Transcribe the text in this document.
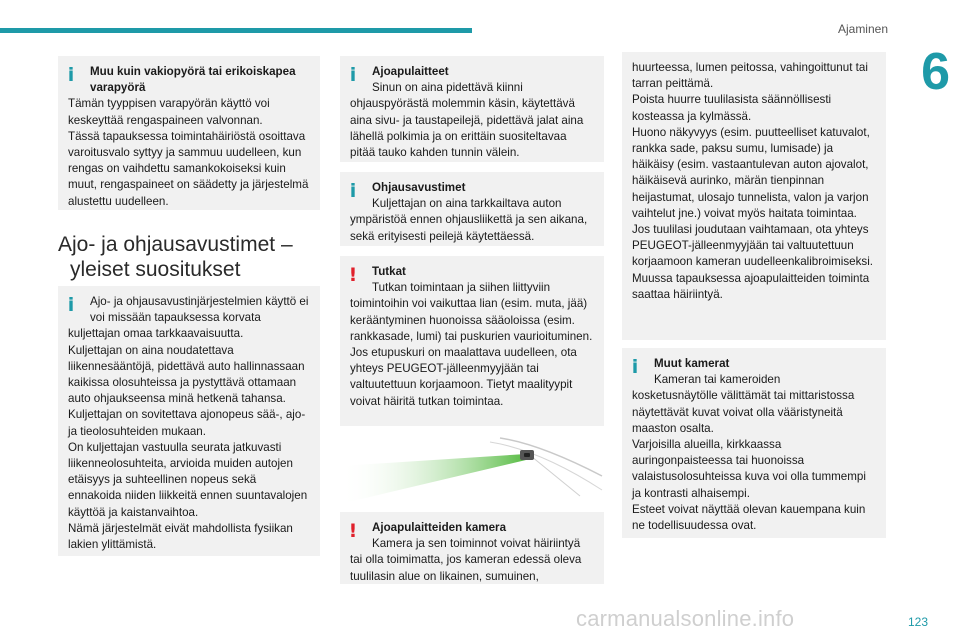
Ajaminen
6
i	Muu kuin vakiopyörä tai erikoiskapea varapyörä
Tämän tyyppisen varapyörän käyttö voi keskeyttää rengaspaineen valvonnan.
Tässä tapauksessa toimintahäiriöstä osoittava varoitusvalo syttyy ja sammuu uudelleen, kun rengas on vaihdettu samankokoiseksi kuin muut, rengaspaineet on säädetty ja järjestelmä alustettu uudelleen.
Ajo- ja ohjausavustimet –
yleiset suositukset
i	Ajo- ja ohjausavustinjärjestelmien käyttö ei voi missään tapauksessa korvata
kuljettajan omaa tarkkaavaisuutta.
Kuljettajan on aina noudatettava liikennesääntöjä, pidettävä auto hallinnassaan kaikissa olosuhteissa ja pystyttävä ottamaan auto ohjaukseensa minä hetkenä tahansa.
Kuljettajan on sovitettava ajonopeus sää-, ajo- ja tieolosuhteiden mukaan.
On kuljettajan vastuulla seurata jatkuvasti liikenneolosuhteita, arvioida muiden autojen etäisyys ja suhteellinen nopeus sekä ennakoida niiden liikkeitä ennen suuntavalojen käyttöä ja kaistanvaihtoa.
Nämä järjestelmät eivät mahdollista fysiikan lakien ylittämistä.
i	Ajoapulaitteet
Sinun on aina pidettävä kiinni
ohjauspyörästä molemmin käsin, käytettävä aina sivu- ja taustapeilejä, pidettävä jalat aina lähellä polkimia ja on erittäin suositeltavaa pitää tauko kahden tunnin välein.
i	Ohjausavustimet
Kuljettajan on aina tarkkailtava auton
ympäristöä ennen ohjausliikettä ja sen aikana, sekä erityisesti peilejä käytettäessä.
! Tutkat
Tutkan toimintaan ja siihen liittyviin
toimintoihin voi vaikuttaa lian (esim. muta, jää) kerääntyminen huonoissa sääoloissa (esim. rankkasade, lumi) tai puskurien vaurioituminen.
Jos etupuskuri on maalattava uudelleen, ota yhteys PEUGEOT-jälleenmyyjään tai valtuutettuun korjaamoon. Tietyt maalityypit voivat häiritä tutkan toimintaa.
! Ajoapulaitteiden kamera
Kamera ja sen toiminnot voivat häiriintyä
tai olla toimimatta, jos kameran edessä oleva tuulilasin alue on likainen, sumuinen,
huurteessa, lumen peitossa, vahingoittunut tai tarran peittämä.
Poista huurre tuulilasista säännöllisesti kosteassa ja kylmässä.
Huono näkyvyys (esim. puutteelliset katuvalot, rankka sade, paksu sumu, lumisade) ja häikäisy (esim. vastaantulevan auton ajovalot, häikäisevä aurinko, märän tienpinnan heijastumat, ulosajo tunnelista, valon ja varjon vaihtelut jne.) voivat myös haitata toimintaa.
Jos tuulilasi joudutaan vaihtamaan, ota yhteys PEUGEOT-jälleenmyyjään tai valtuutettuun korjaamoon kameran uudelleenkalibroimiseksi. Muussa tapauksessa ajoapulaitteiden toiminta saattaa häiriintyä.
i	Muut kamerat
Kameran tai kameroiden
kosketusnäytölle välittämät tai mittaristossa näytettävät kuvat voivat olla vääristyneitä maaston osalta.
Varjoisilla alueilla, kirkkaassa auringonpaisteessa tai huonoissa valaistusolosuhteissa kuva voi olla tummempi ja kontrasti alhaisempi.
Esteet voivat näyttää olevan kauempana kuin ne todellisuudessa ovat.
123
carmanualsonline.info
